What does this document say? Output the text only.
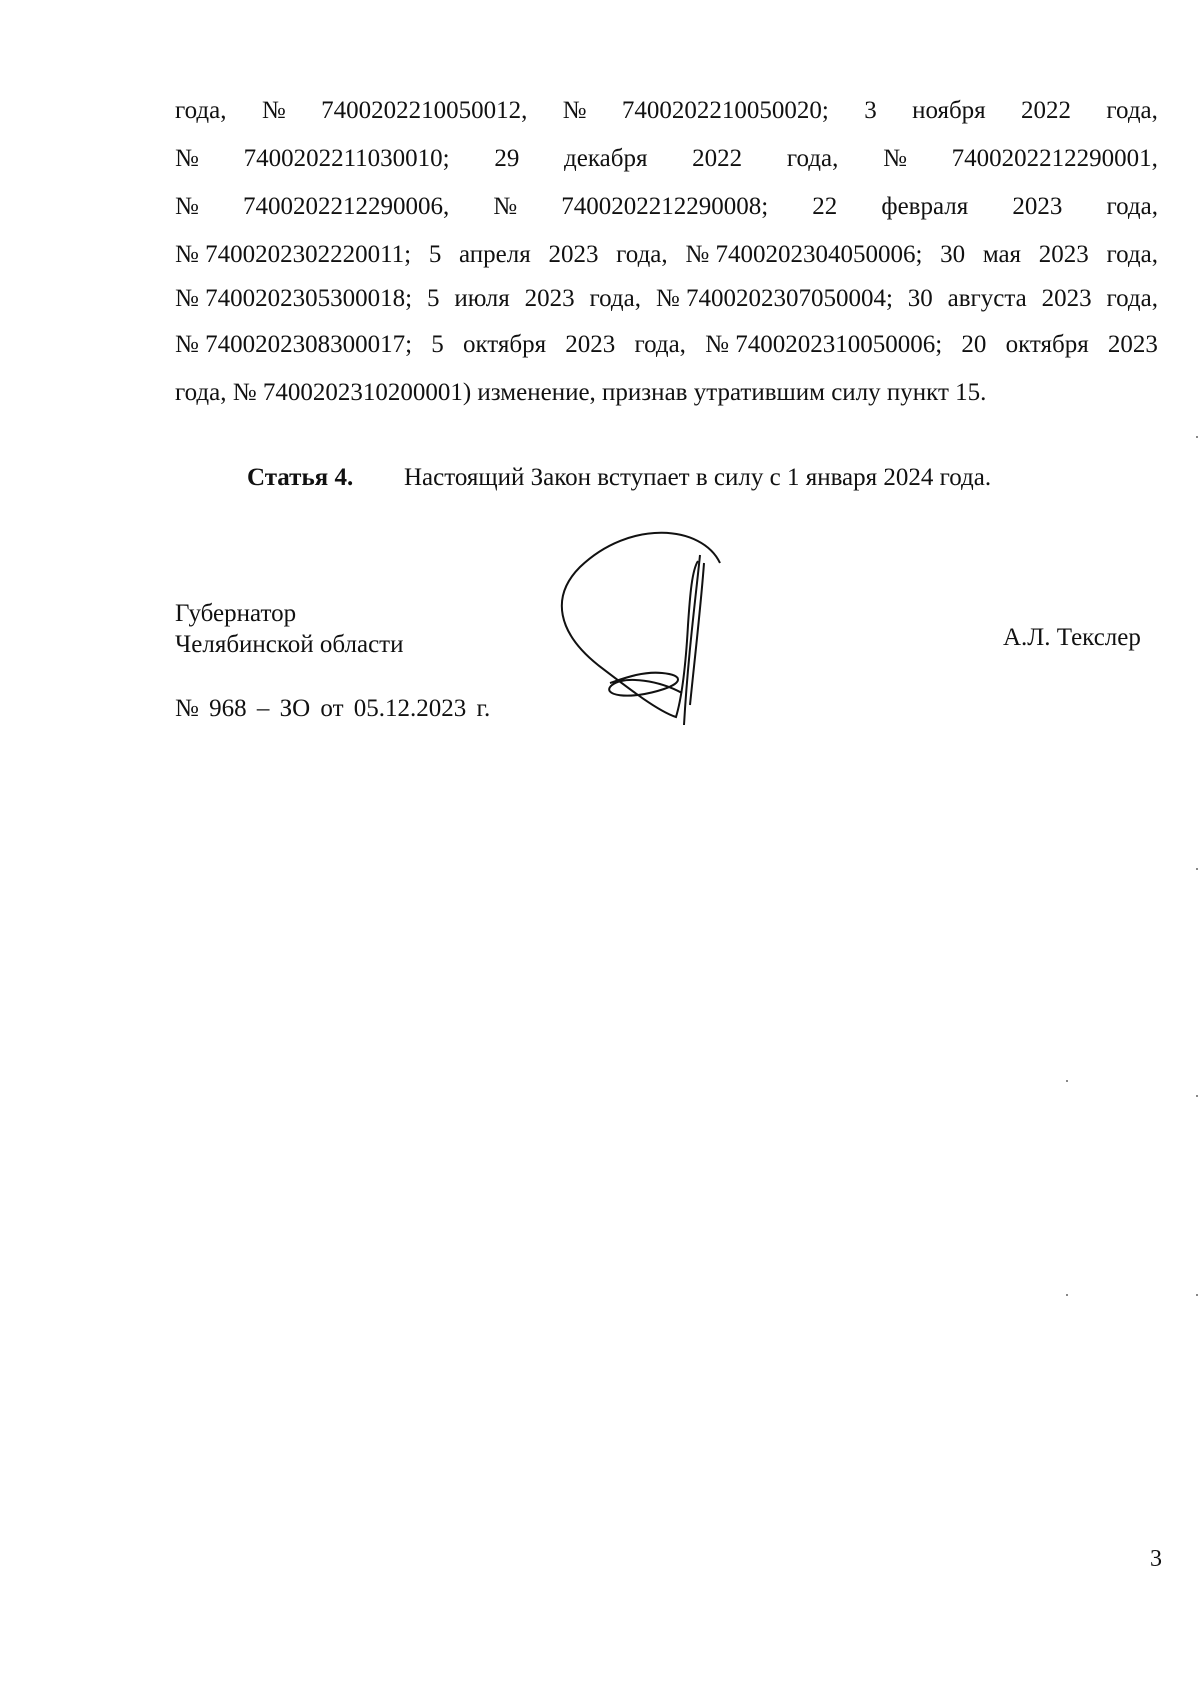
года, № 7400202210050012, № 7400202210050020; 3 ноября 2022 года,
№ 7400202211030010; 29 декабря 2022 года, № 7400202212290001,
№ 7400202212290006, № 7400202212290008; 22 февраля 2023 года,
№ 7400202302220011; 5 апреля 2023 года, № 7400202304050006; 30 мая 2023 года,
№ 7400202305300018; 5 июля 2023 года, № 7400202307050004; 30 августа 2023 года,
№ 7400202308300017; 5 октября 2023 года, № 7400202310050006; 20 октября 2023
года, № 7400202310200001) изменение, признав утратившим силу пункт 15.
Статья 4. Настоящий Закон вступает в силу с 1 января 2024 года.
Губернатор
Челябинской области	А.Л. Текслер
№ 968 – ЗО от 05.12.2023 г.
3
